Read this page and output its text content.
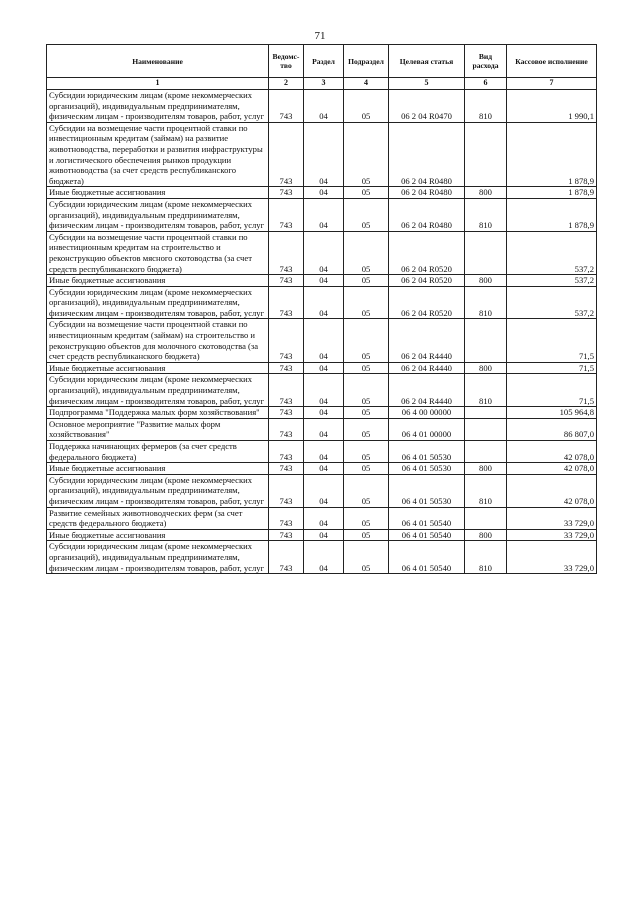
71
Наименование	Ведомс-тво	Раздел	Подраздел	Целевая статья	Вид расхода	Кассовое исполнение
1	2	3	4	5	6	7
Субсидии юридическим лицам (кроме некоммерческих организаций), индивидуальным предпринимателям, физическим лицам - производителям товаров, работ, услуг	743	04	05	06 2 04 R0470	810	1 990,1
Субсидии на возмещение части процентной ставки по инвестиционным кредитам (займам) на развитие животноводства, переработки и развития инфраструктуры и логистического обеспечения рынков продукции животноводства (за счет средств республиканского бюджета)	743	04	05	06 2 04 R0480		1 878,9
Иные бюджетные ассигнования	743	04	05	06 2 04 R0480	800	1 878,9
Субсидии юридическим лицам (кроме некоммерческих организаций), индивидуальным предпринимателям, физическим лицам - производителям товаров, работ, услуг	743	04	05	06 2 04 R0480	810	1 878,9
Субсидии на возмещение части процентной ставки по инвестиционным кредитам на строительство и реконструкцию объектов мясного скотоводства (за счет средств республиканского бюджета)	743	04	05	06 2 04 R0520		537,2
Иные бюджетные ассигнования	743	04	05	06 2 04 R0520	800	537,2
Субсидии юридическим лицам (кроме некоммерческих организаций), индивидуальным предпринимателям, физическим лицам - производителям товаров, работ, услуг	743	04	05	06 2 04 R0520	810	537,2
Субсидии на возмещение части процентной ставки по инвестиционным кредитам (займам) на строительство и реконструкцию объектов для молочного скотоводства (за счет средств республиканского бюджета)	743	04	05	06 2 04 R4440		71,5
Иные бюджетные ассигнования	743	04	05	06 2 04 R4440	800	71,5
Субсидии юридическим лицам (кроме некоммерческих организаций), индивидуальным предпринимателям, физическим лицам - производителям товаров, работ, услуг	743	04	05	06 2 04 R4440	810	71,5
Подпрограмма "Поддержка малых форм хозяйствования"	743	04	05	06 4 00 00000		105 964,8
Основное мероприятие "Развитие малых форм хозяйствования"	743	04	05	06 4 01 00000		86 807,0
Поддержка начинающих фермеров (за счет средств федерального бюджета)	743	04	05	06 4 01 50530		42 078,0
Иные бюджетные ассигнования	743	04	05	06 4 01 50530	800	42 078,0
Субсидии юридическим лицам (кроме некоммерческих организаций), индивидуальным предпринимателям, физическим лицам - производителям товаров, работ, услуг	743	04	05	06 4 01 50530	810	42 078,0
Развитие семейных животноводческих ферм (за счет средств федерального бюджета)	743	04	05	06 4 01 50540		33 729,0
Иные бюджетные ассигнования	743	04	05	06 4 01 50540	800	33 729,0
Субсидии юридическим лицам (кроме некоммерческих организаций), индивидуальным предпринимателям, физическим лицам - производителям товаров, работ, услуг	743	04	05	06 4 01 50540	810	33 729,0
